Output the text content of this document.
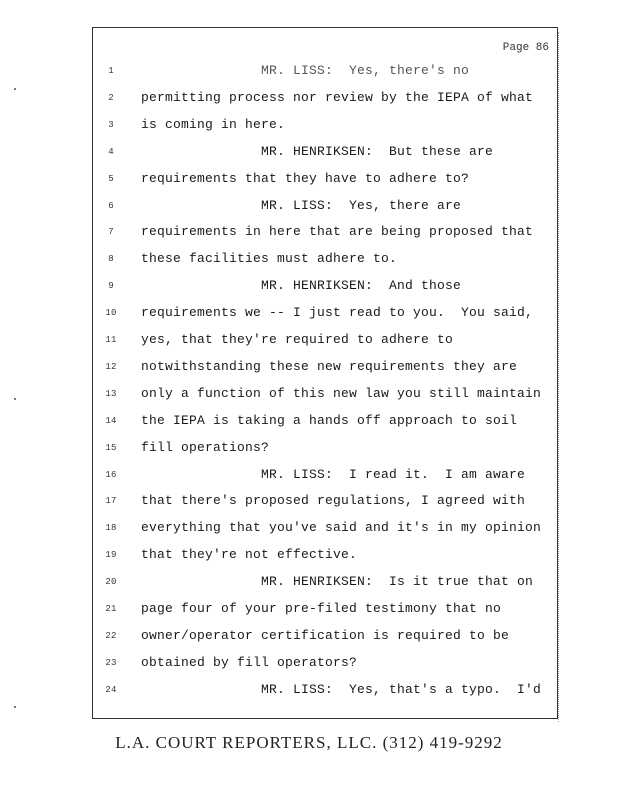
Page 86
1	MR. LISS:  Yes, there's no
2	permitting process nor review by the IEPA of what
3	is coming in here.
4	MR. HENRIKSEN:  But these are
5	requirements that they have to adhere to?
6	MR. LISS:  Yes, there are
7	requirements in here that are being proposed that
8	these facilities must adhere to.
9	MR. HENRIKSEN:  And those
10	requirements we -- I just read to you.  You said,
11	yes, that they're required to adhere to
12	notwithstanding these new requirements they are
13	only a function of this new law you still maintain
14	the IEPA is taking a hands off approach to soil
15	fill operations?
16	MR. LISS:  I read it.  I am aware
17	that there's proposed regulations, I agreed with
18	everything that you've said and it's in my opinion
19	that they're not effective.
20	MR. HENRIKSEN:  Is it true that on
21	page four of your pre-filed testimony that no
22	owner/operator certification is required to be
23	obtained by fill operators?
24	MR. LISS:  Yes, that's a typo.  I'd
L.A. COURT REPORTERS, LLC. (312) 419-9292
